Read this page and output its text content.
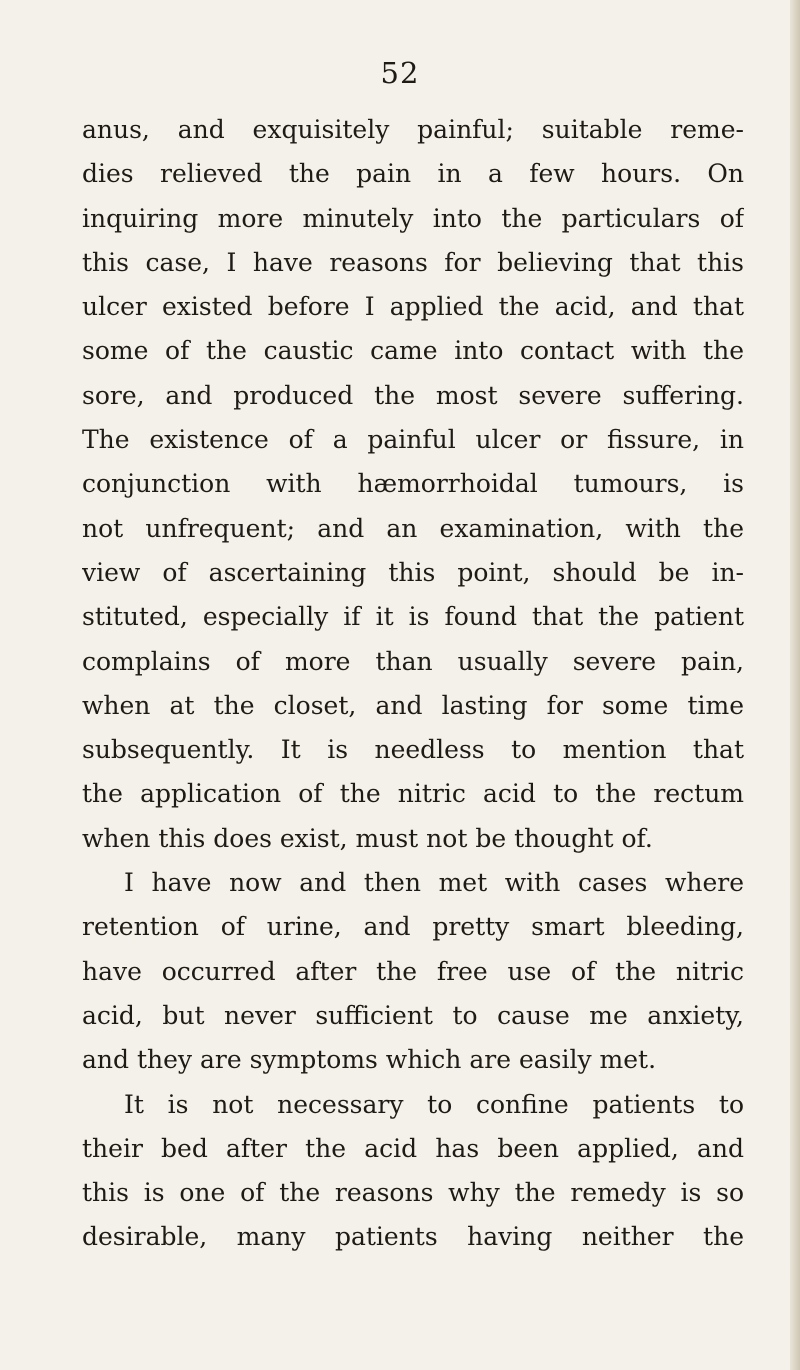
52
anus, and exquisitely painful; suitable reme-
dies relieved the pain in a few hours. On
inquiring more minutely into the particulars of
this case, I have reasons for believing that this
ulcer existed before I applied the acid, and that
some of the caustic came into contact with the
sore, and produced the most severe suffering.
The existence of a painful ulcer or fissure, in
conjunction with hæmorrhoidal tumours, is
not unfrequent; and an examination, with the
view of ascertaining this point, should be in-
stituted, especially if it is found that the patient
complains of more than usually severe pain,
when at the closet, and lasting for some time
subsequently. It is needless to mention that
the application of the nitric acid to the rectum
when this does exist, must not be thought of.
I have now and then met with cases where
retention of urine, and pretty smart bleeding,
have occurred after the free use of the nitric
acid, but never sufficient to cause me anxiety,
and they are symptoms which are easily met.
It is not necessary to confine patients to
their bed after the acid has been applied, and
this is one of the reasons why the remedy is so
desirable, many patients having neither the
